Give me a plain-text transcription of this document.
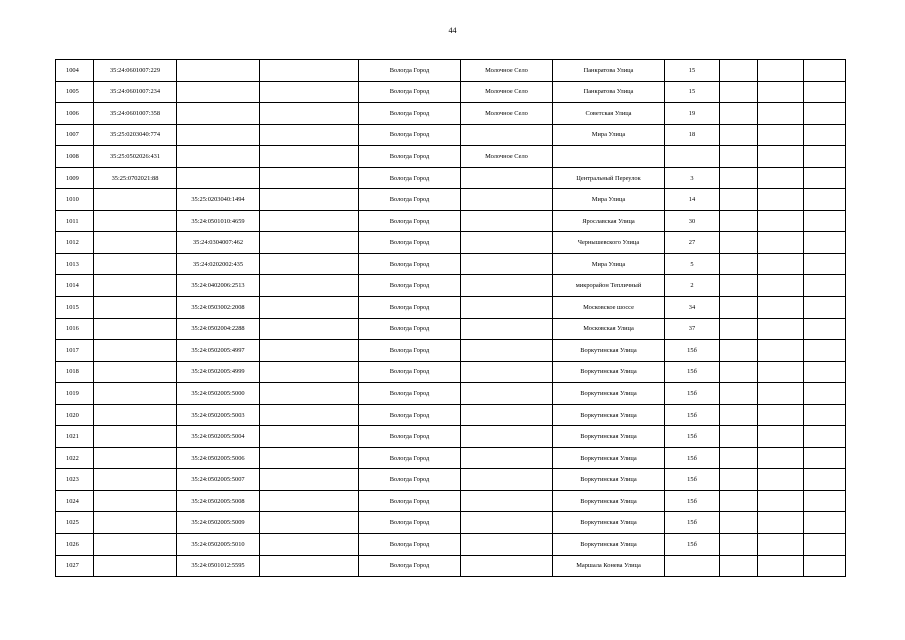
44
1004	35:24:0601007:229			Вологда Город	Молочное Село	Панкратова Улица	15			
1005	35:24:0601007:234			Вологда Город	Молочное Село	Панкратова Улица	15			
1006	35:24:0601007:358			Вологда Город	Молочное Село	Советская Улица	19			
1007	35:25:0203040:774			Вологда Город		Мира Улица	18			
1008	35:25:0502026:431			Вологда Город	Молочное Село					
1009	35:25:0702021:88			Вологда Город		Центральный Переулок	3			
1010		35:25:0203040:1494		Вологда Город		Мира Улица	14			
1011		35:24:0501010:4659		Вологда Город		Ярославская Улица	30			
1012		35:24:0304007:462		Вологда Город		Чернышевского Улица	27			
1013		35:24:0202002:435		Вологда Город		Мира Улица	5			
1014		35:24:0402006:2513		Вологда Город		микрорайон Тепличный	2			
1015		35:24:0503002:2008		Вологда Город		Московское шоссе	34			
1016		35:24:0502004:2288		Вологда Город		Московская Улица	37			
1017		35:24:0502005:4997		Вологда Город		Воркутинская Улица	15б			
1018		35:24:0502005:4999		Вологда Город		Воркутинская Улица	15б			
1019		35:24:0502005:5000		Вологда Город		Воркутинская Улица	15б			
1020		35:24:0502005:5003		Вологда Город		Воркутинская Улица	15б			
1021		35:24:0502005:5004		Вологда Город		Воркутинская Улица	15б			
1022		35:24:0502005:5006		Вологда Город		Воркутинская Улица	15б			
1023		35:24:0502005:5007		Вологда Город		Воркутинская Улица	15б			
1024		35:24:0502005:5008		Вологда Город		Воркутинская Улица	15б			
1025		35:24:0502005:5009		Вологда Город		Воркутинская Улица	15б			
1026		35:24:0502005:5010		Вологда Город		Воркутинская Улица	15б			
1027		35:24:0501012:5595		Вологда Город		Маршала Конева Улица				
